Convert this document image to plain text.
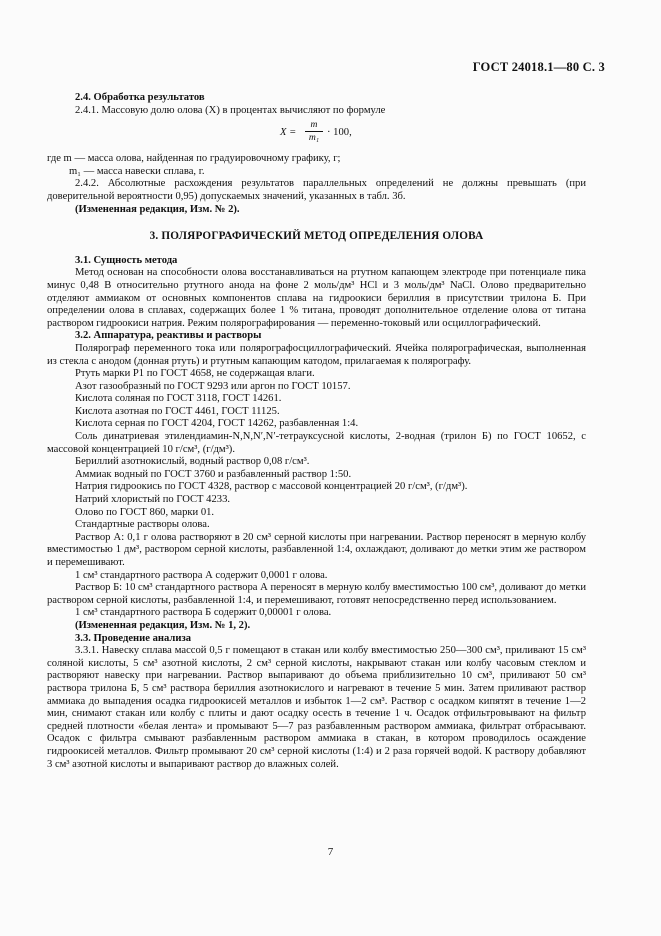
ГОСТ 24018.1—80 С. 3

2.4. Обработка результатов

2.4.1. Массовую долю олова (X) в процентах вычисляют по формуле

$X = \frac{m}{\text{m₁}} \cdot 100$,

где m — масса олова, найденная по градуировочному графику, г;

m₁ — масса навески сплава, г.

2.4.2. Абсолютные расхождения результатов параллельных определений не должны превышать (при доверительной вероятности 0,95) допускаемых значений, указанных в табл. 3б.

(Измененная редакция, Изм. № 2).

3. ПОЛЯРОГРАФИЧЕСКИЙ МЕТОД ОПРЕДЕЛЕНИЯ ОЛОВА

3.1. Сущность метода

Метод основан на способности олова восстанавливаться на ртутном капающем электроде при потенциале пика минус 0,48 В относительно ртутного анода на фоне 2 моль/дм³ HCl и 3 моль/дм³ NaCl. Олово предварительно отделяют аммиаком от основных компонентов сплава на гидроокиси бериллия в присутствии трилона Б. При определении олова в сплавах, содержащих более 1 % титана, проводят дополнительное отделение олова от титана раствором гидроокиси натрия. Режим полярографирования — переменно-токовый или осциллографический.

3.2. Аппаратура, реактивы и растворы

Полярограф переменного тока или полярографосциллографический. Ячейка полярографическая, выполненная из стекла с анодом (донная ртуть) и ртутным капающим катодом, прилагаемая к полярографу.

Ртуть марки Р1 по ГОСТ 4658, не содержащая влаги.

Азот газообразный по ГОСТ 9293 или аргон по ГОСТ 10157.

Кислота соляная по ГОСТ 3118, ГОСТ 14261.

Кислота азотная по ГОСТ 4461, ГОСТ 11125.

Кислота серная по ГОСТ 4204, ГОСТ 14262, разбавленная 1:4.

Соль динатриевая этилендиамин-N,N,N′,N′-тетрауксусной кислоты, 2-водная (трилон Б) по ГОСТ 10652, с массовой концентрацией 10 г/см³, (г/дм³).

Бериллий азотнокислый, водный раствор 0,08 г/см³.

Аммиак водный по ГОСТ 3760 и разбавленный раствор 1:50.

Натрия гидроокись по ГОСТ 4328, раствор с массовой концентрацией 20 г/см³, (г/дм³).

Натрий хлористый по ГОСТ 4233.

Олово по ГОСТ 860, марки 01.

Стандартные растворы олова.

Раствор А: 0,1 г олова растворяют в 20 см³ серной кислоты при нагревании. Раствор переносят в мерную колбу вместимостью 1 дм³, раствором серной кислоты, разбавленной 1:4, охлаждают, доливают до метки этим же раствором и перемешивают.

1 см³ стандартного раствора А содержит 0,0001 г олова.

Раствор Б: 10 см³ стандартного раствора А переносят в мерную колбу вместимостью 100 см³, доливают до метки раствором серной кислоты, разбавленной 1:4, и перемешивают, готовят непосредственно перед использованием.

1 см³ стандартного раствора Б содержит 0,00001 г олова.

(Измененная редакция, Изм. № 1, 2).

3.3. Проведение анализа

3.3.1. Навеску сплава массой 0,5 г помещают в стакан или колбу вместимостью 250—300 см³, приливают 15 см³ соляной кислоты, 5 см³ азотной кислоты, 2 см³ серной кислоты, накрывают стакан или колбу часовым стеклом и растворяют навеску при нагревании. Раствор выпаривают до объема приблизительно 10 см³, приливают 50 см³ раствора трилона Б, 5 см³ раствора бериллия азотнокислого и нагревают в течение 5 мин. Затем приливают раствор аммиака до выпадения осадка гидроокисей металлов и избыток 1—2 см³. Раствор с осадком кипятят в течение 1—2 мин, снимают стакан или колбу с плиты и дают осадку осесть в течение 1 ч. Осадок отфильтровывают на фильтр средней плотности «белая лента» и промывают 5—7 раз разбавленным раствором аммиака, фильтрат отбрасывают. Осадок с фильтра смывают разбавленным раствором аммиака в стакан, в котором проводилось осаждение гидроокисей металлов. Фильтр промывают 20 см³ серной кислоты (1:4) и 2 раза горячей водой. К раствору добавляют 3 см³ азотной кислоты и выпаривают раствор до влажных солей.

7
